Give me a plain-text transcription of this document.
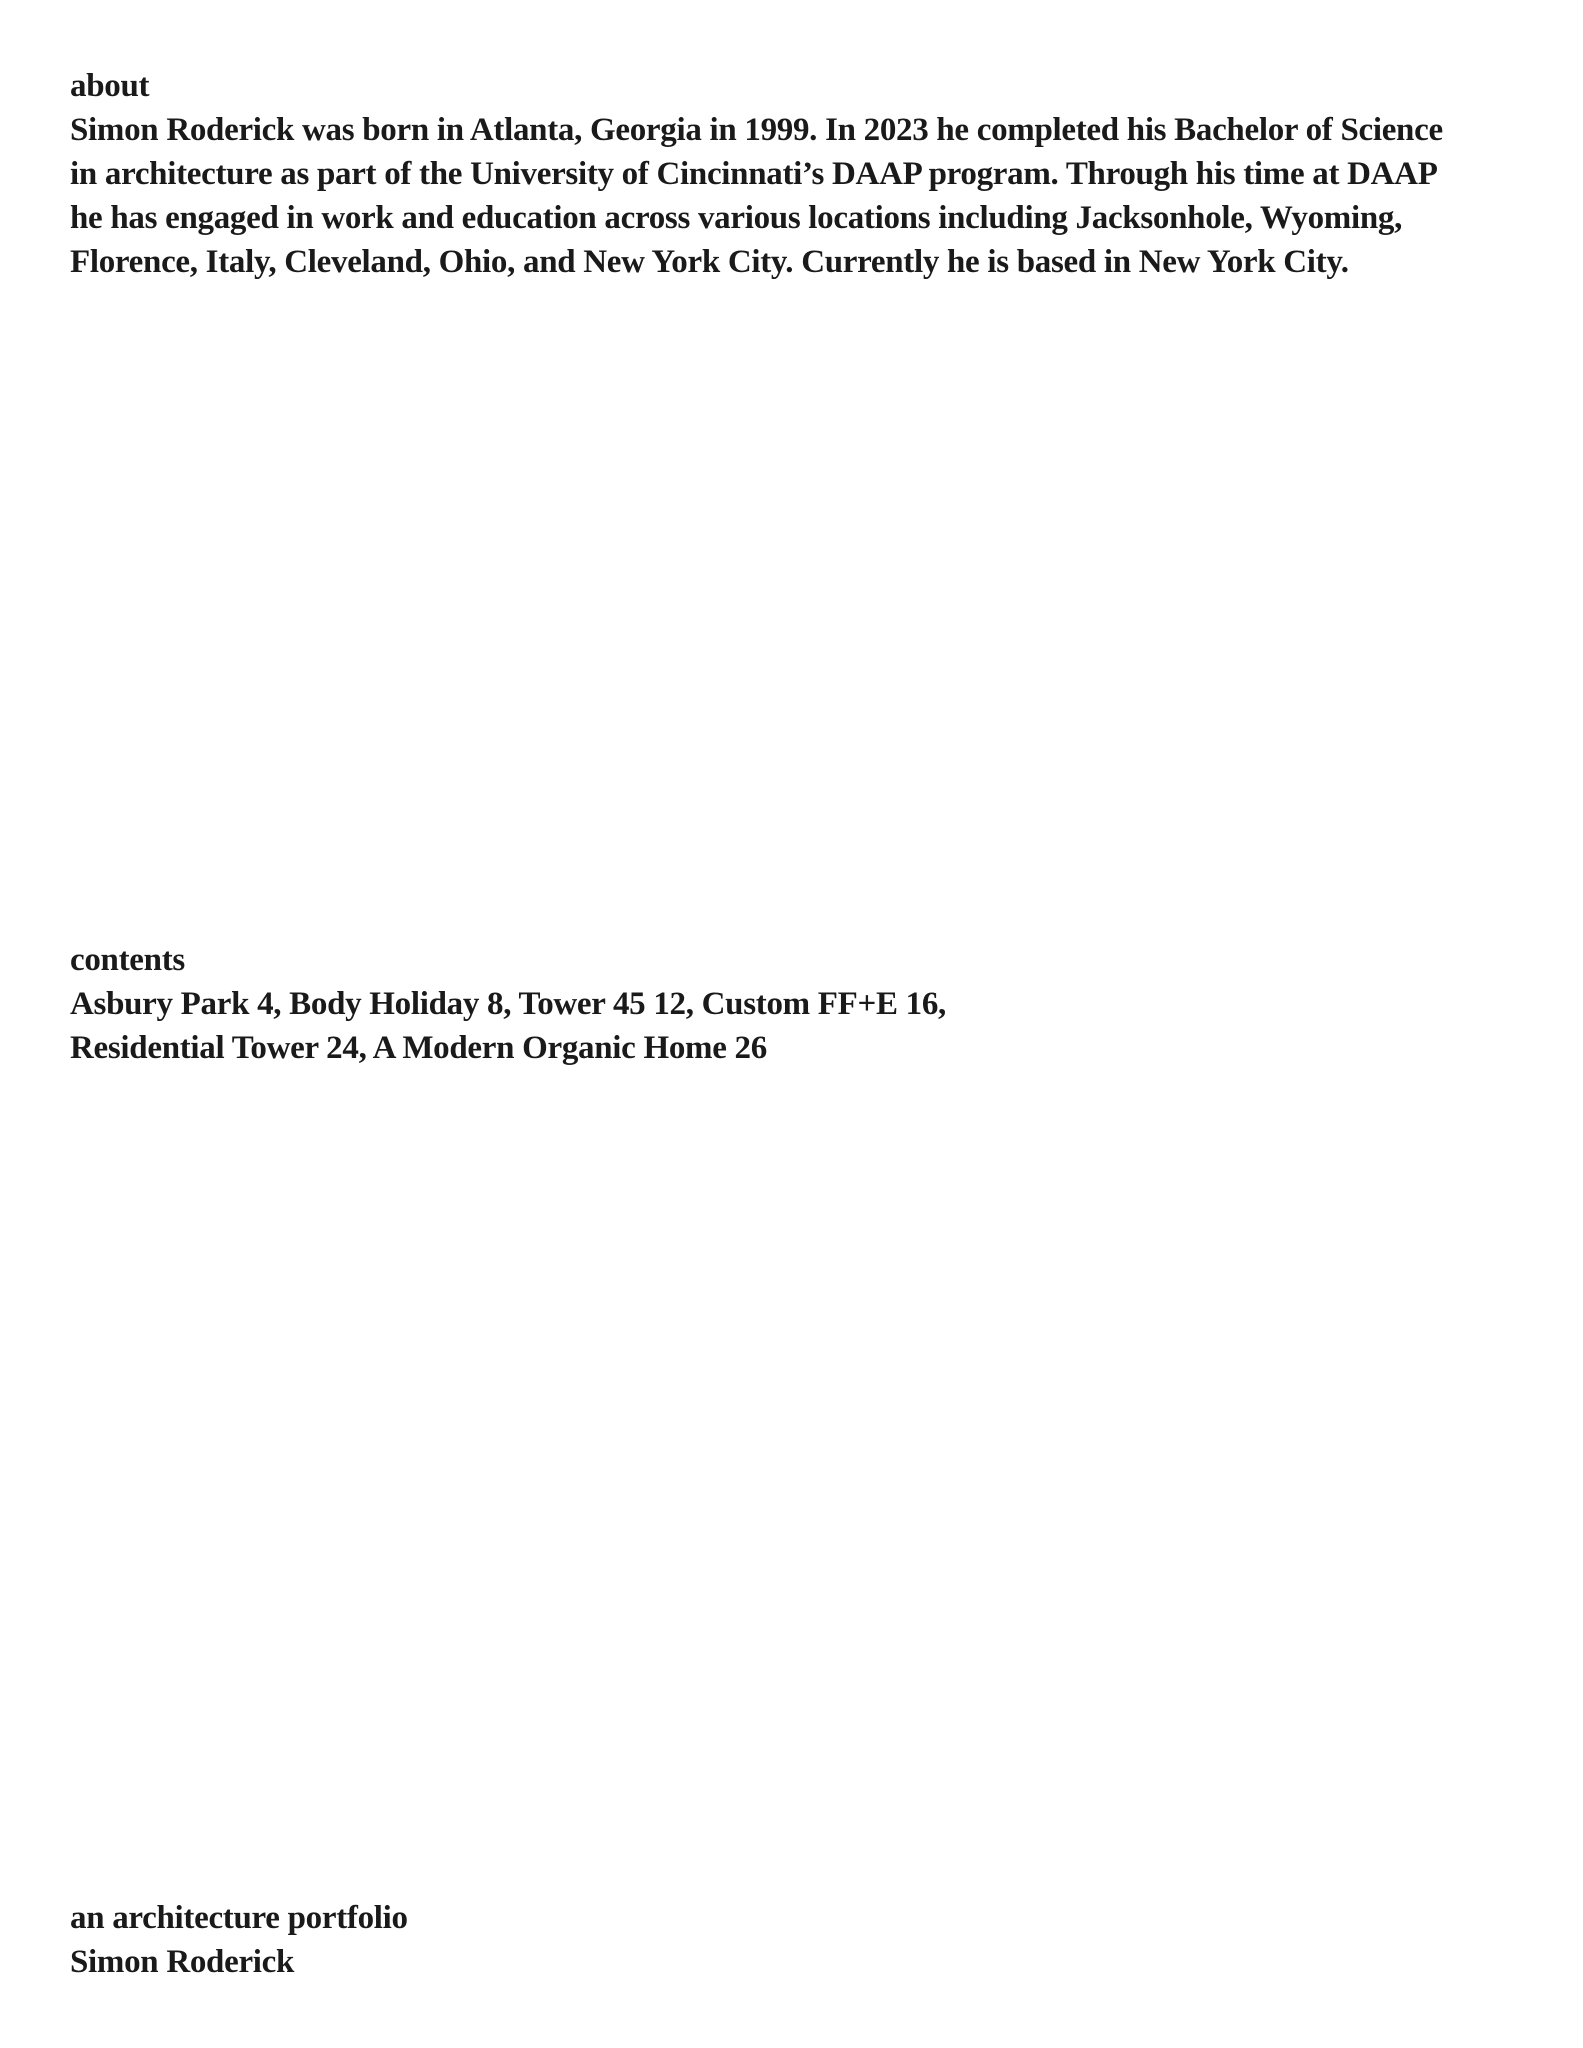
about
Simon Roderick was born in Atlanta, Georgia in 1999. In 2023 he completed his Bachelor of Science
in architecture as part of the University of Cincinnati’s DAAP program. Through his time at DAAP
he has engaged in work and education across various locations including Jacksonhole, Wyoming,
Florence, Italy, Cleveland, Ohio, and New York City. Currently he is based in New York City.
contents
Asbury Park 4, Body Holiday 8, Tower 45 12, Custom FF+E 16,
Residential Tower 24, A Modern Organic Home 26
an architecture portfolio
Simon Roderick
